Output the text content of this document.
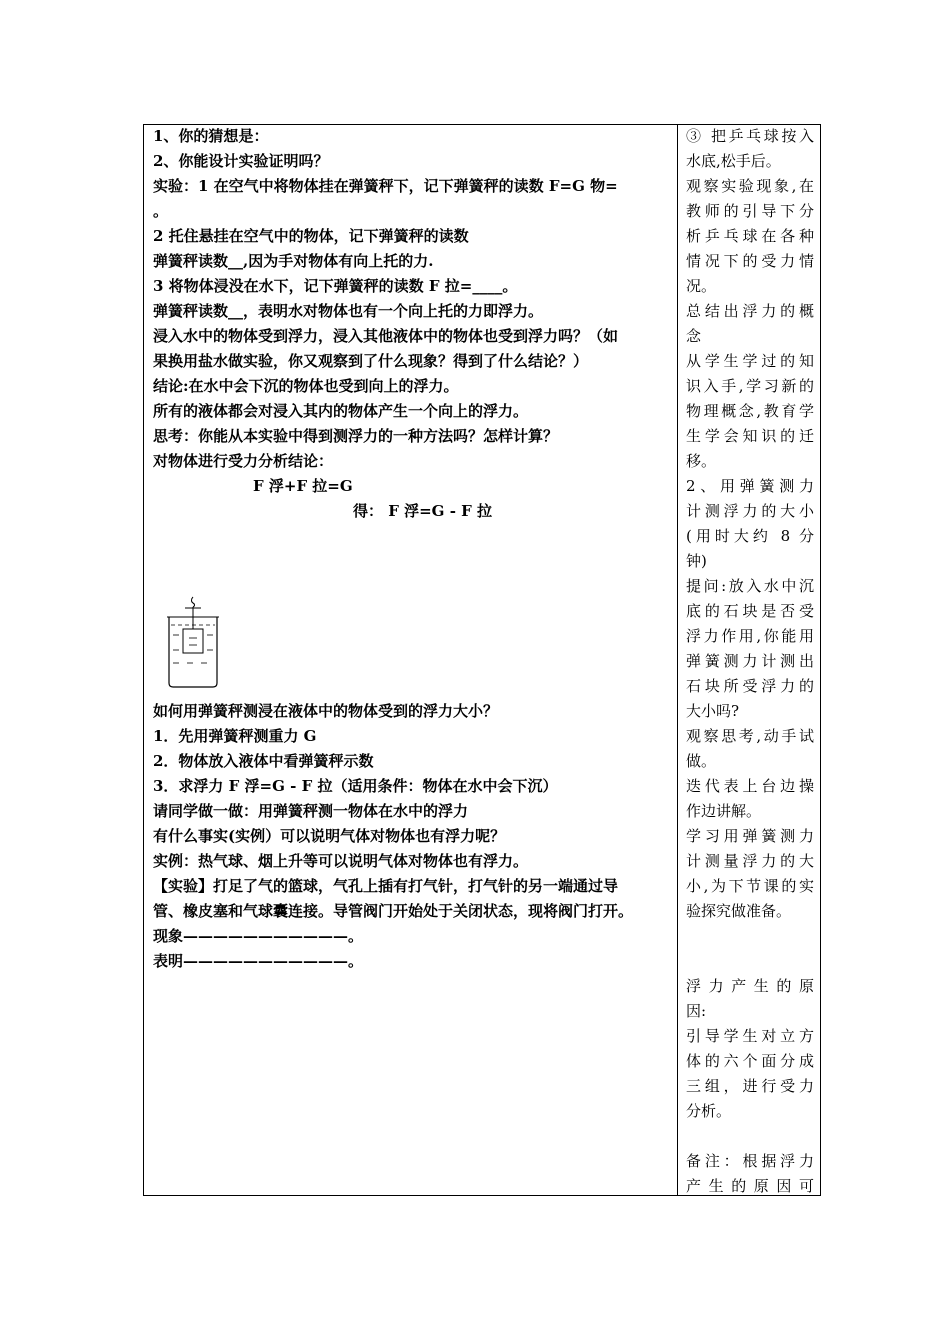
1、你的猜想是：
2、你能设计实验证明吗？
实验：1 在空气中将物体挂在弹簧秤下，记下弹簧秤的读数 F=G 物=
。
2 托住悬挂在空气中的物体，记下弹簧秤的读数
弹簧秤读数__,因为手对物体有向上托的力.
3 将物体浸没在水下，记下弹簧秤的读数 F 拉=____。
弹簧秤读数__，表明水对物体也有一个向上托的力即浮力。
浸入水中的物体受到浮力，浸入其他液体中的物体也受到浮力吗？（如
果换用盐水做实验，你又观察到了什么现象？得到了什么结论？）
结论:在水中会下沉的物体也受到向上的浮力。
所有的液体都会对浸入其内的物体产生一个向上的浮力。
思考：你能从本实验中得到测浮力的一种方法吗？怎样计算？
对物体进行受力分析结论：
F 浮+F 拉=G
得： F 浮=G - F 拉
如何用弹簧秤测浸在液体中的物体受到的浮力大小？
1．先用弹簧秤测重力 G
2．物体放入液体中看弹簧秤示数
3．求浮力 F 浮=G - F 拉（适用条件：物体在水中会下沉）
请同学做一做：用弹簧秤测一物体在水中的浮力
有什么事实(实例）可以说明气体对物体也有浮力呢？
实例：热气球、烟上升等可以说明气体对物体也有浮力。
【实验】打足了气的篮球，气孔上插有打气针，打气针的另一端通过导
管、橡皮塞和气球囊连接。导管阀门开始处于关闭状态，现将阀门打开。
现象———————————。
表明———————————。
③ 把乒乓球按入
水底,松手后。
观察实验现象,在
教师的引导下分
析乒乓球在各种
情况下的受力情
况。
总结出浮力的概
念
从学生学过的知
识入手,学习新的
物理概念,教育学
生学会知识的迁
移。
2、用弹簧测力
计测浮力的大小
(用时大约 8 分
钟)
提问:放入水中沉
底的石块是否受
浮力作用,你能用
弹簧测力计测出
石块所受浮力的
大小吗?
观察思考,动手试
做。
迭代表上台边操
作边讲解。
学习用弹簧测力
计测量浮力的大
小,为下节课的实
验探究做准备。
浮 力 产 生 的 原
因:
引导学生对立方
体的六个面分成
三组，进行受力
分析。
备注：根据浮力
产 生 的 原 因 可
